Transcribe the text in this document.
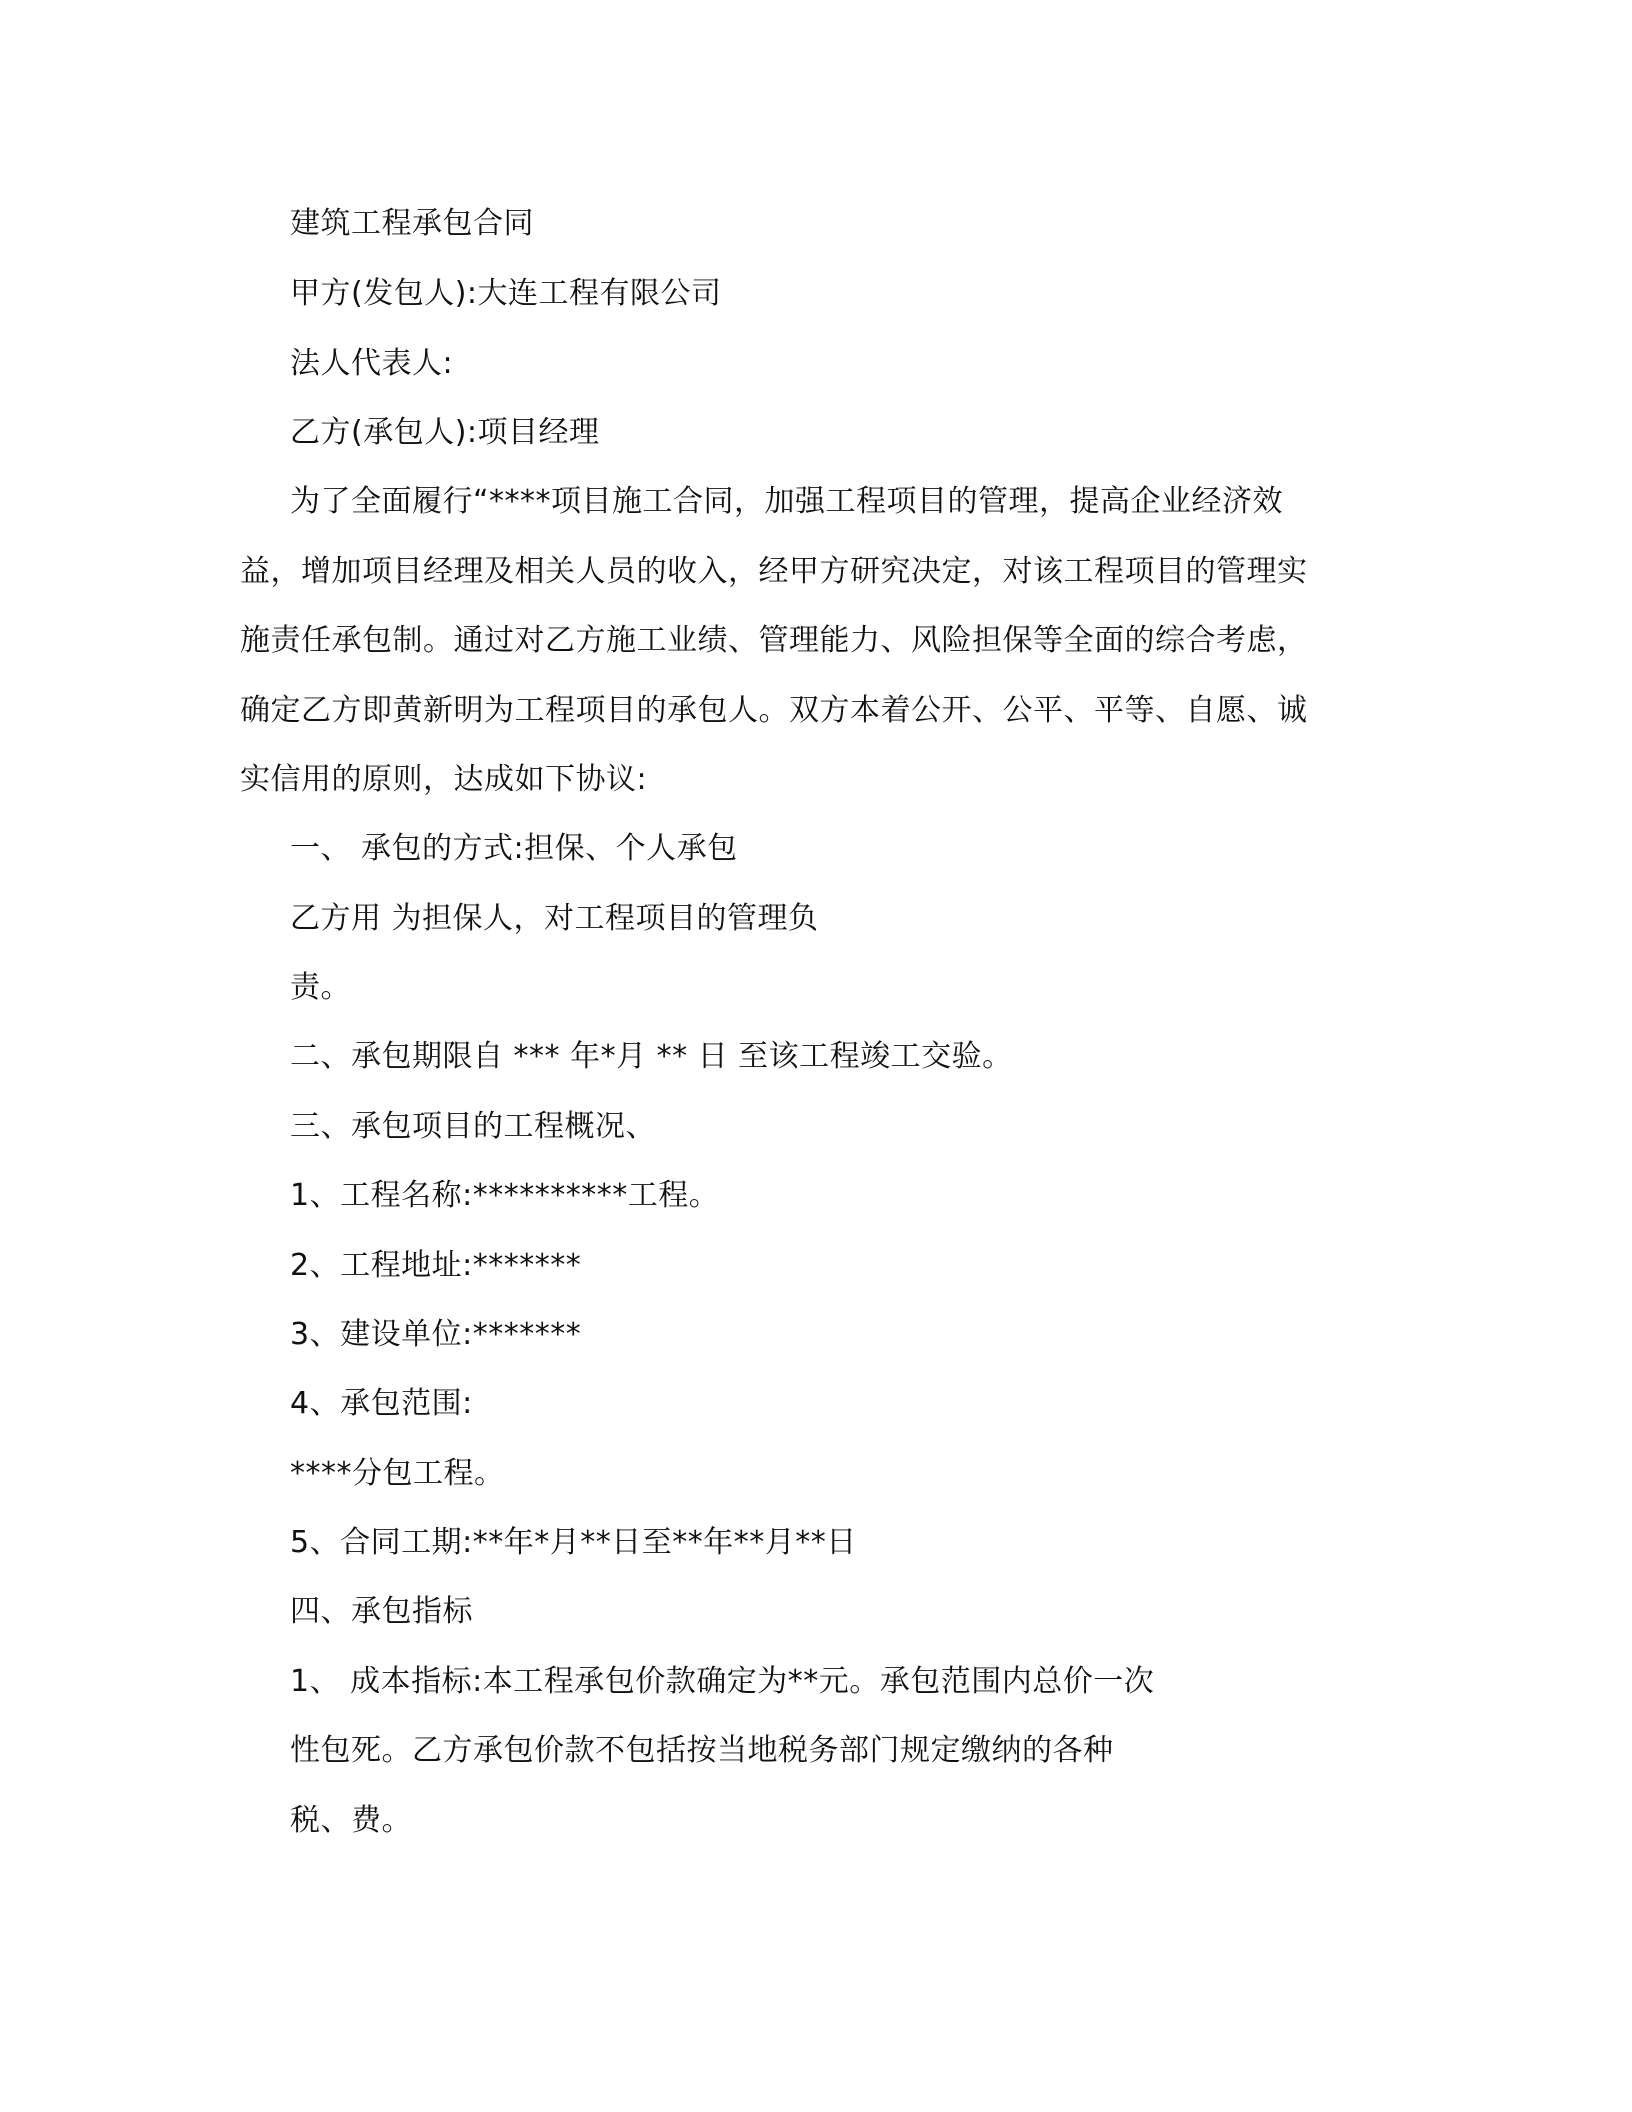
建筑工程承包合同
甲方(发包人):大连工程有限公司
法人代表人:
乙方(承包人):项目经理
为了全面履行“****项目施工合同，加强工程项目的管理，提高企业经济效
益，增加项目经理及相关人员的收入，经甲方研究决定，对该工程项目的管理实
施责任承包制。通过对乙方施工业绩、管理能力、风险担保等全面的综合考虑，
确定乙方即黄新明为工程项目的承包人。双方本着公开、公平、平等、自愿、诚
实信用的原则，达成如下协议:
一、 承包的方式:担保、个人承包
乙方用 为担保人，对工程项目的管理负
责。
二、承包期限自 *** 年*月 ** 日 至该工程竣工交验。
三、承包项目的工程概况、
1、工程名称:**********工程。
2、工程地址:*******
3、建设单位:*******
4、承包范围:
****分包工程。
5、合同工期:**年*月**日至**年**月**日
四、承包指标
1、 成本指标:本工程承包价款确定为**元。承包范围内总价一次
性包死。乙方承包价款不包括按当地税务部门规定缴纳的各种
税、费。
